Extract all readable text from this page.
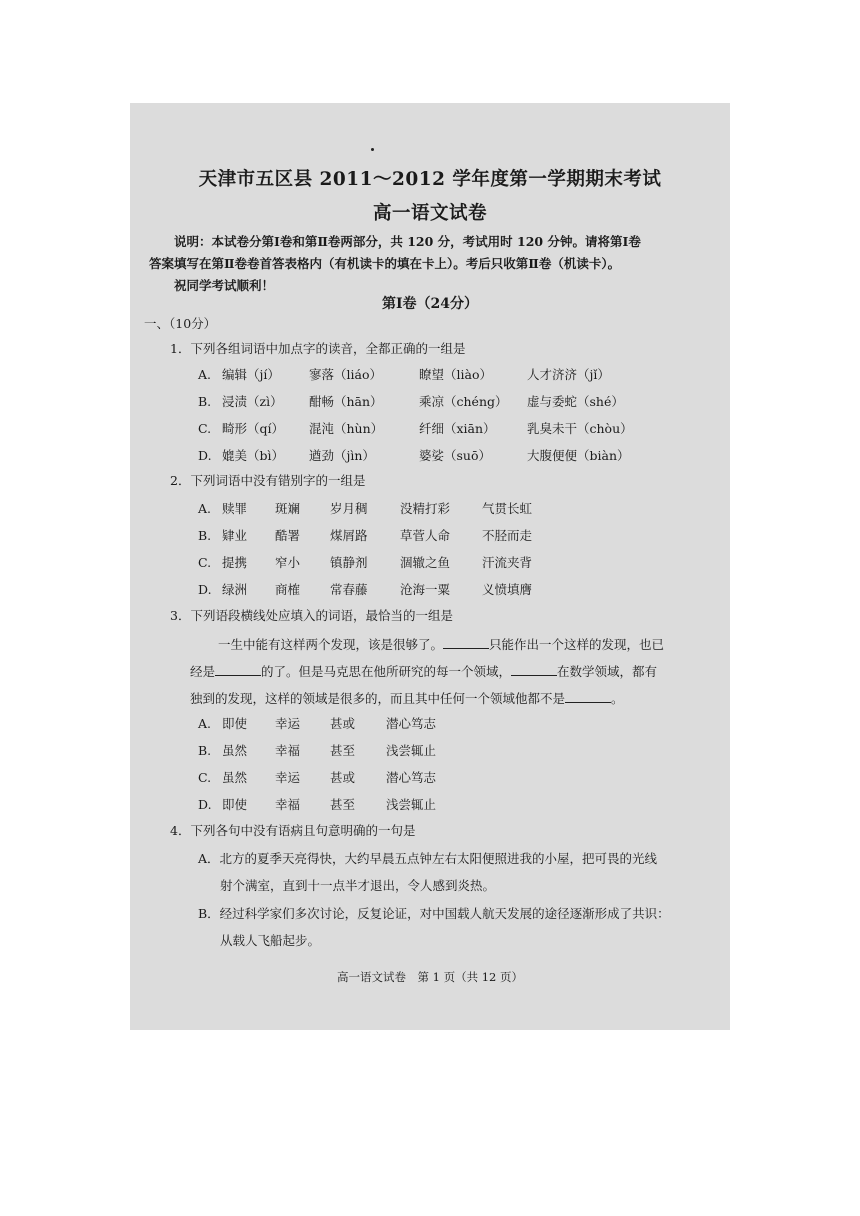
天津市五区县 2011～2012 学年度第一学期期末考试
高一语文试卷
说明：本试卷分第Ⅰ卷和第Ⅱ卷两部分，共 120 分，考试用时 120 分钟。请将第Ⅰ卷
答案填写在第Ⅱ卷卷首答表格内（有机读卡的填在卡上）。考后只收第Ⅱ卷（机读卡）。
祝同学考试顺利！
第Ⅰ卷（24分）
一、（10分）
1．下列各组词语中加点字的读音，全都正确的一组是
A. 编辑（jí） 寥落（liáo）	瞭望（liào）	人才济济（jǐ）
B. 浸渍（zì） 酣畅（hān）	乘凉（chéng） 虚与委蛇（shé）
C. 畸形（qí） 混沌（hùn）	纤细（xiān）	乳臭未干（chòu）
D. 媲美（bì） 遒劲（jìn）	婆娑（suō）	大腹便便（biàn）
2．下列词语中没有错别字的一组是
A. 赎罪 斑斓 岁月稠	没精打彩	气贯长虹
B. 肄业 酷署 煤屑路	草菅人命	不胫而走
C. 提携 窄小 镇静剂	涸辙之鱼	汗流夹背
D. 绿洲 商榷 常春藤	沧海一粟	义愤填膺
3．下列语段横线处应填入的词语，最恰当的一组是
一生中能有这样两个发现，该是很够了。	只能作出一个这样的发现，也已
经是	的了。但是马克思在他所研究的每一个领域，	在数学领域，都有
独到的发现，这样的领域是很多的，而且其中任何一个领域他都不是	。
A. 即使 幸运 甚或 潜心笃志
B. 虽然 幸福 甚至 浅尝辄止
C. 虽然 幸运 甚或 潜心笃志
D. 即使 幸福 甚至 浅尝辄止
4．下列各句中没有语病且句意明确的一句是
A．北方的夏季天亮得快，大约早晨五点钟左右太阳便照进我的小屋，把可畏的光线
射个满室，直到十一点半才退出，令人感到炎热。
B．经过科学家们多次讨论，反复论证，对中国载人航天发展的途径逐渐形成了共识：
从载人飞船起步。
高一语文试卷　第 1 页（共 12 页）
